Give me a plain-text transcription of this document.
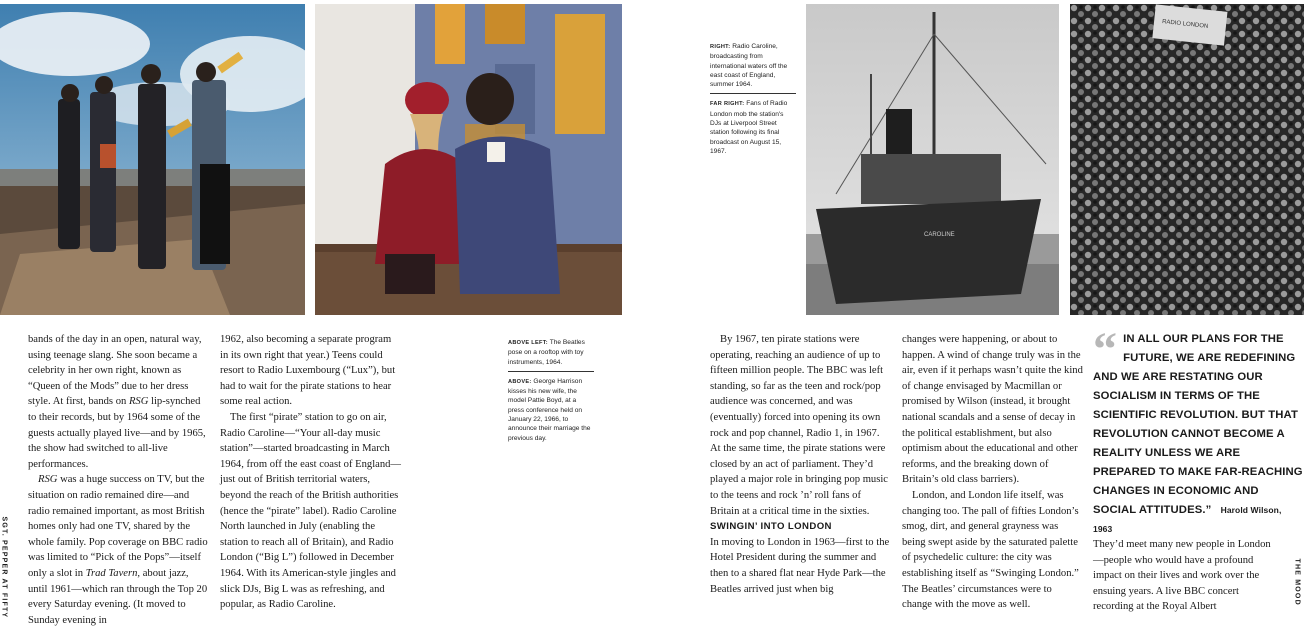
CAROLINE
RADIO LONDON
ABOVE LEFT: The Beatles pose on a rooftop with toy instruments, 1964.
ABOVE: George Harrison kisses his new wife, the model Pattie Boyd, at a press conference held on January 22, 1966, to announce their marriage the previous day.
RIGHT: Radio Caroline, broadcasting from international waters off the east coast of England, summer 1964.
FAR RIGHT: Fans of Radio London mob the station's DJs at Liverpool Street station following its final broadcast on August 15, 1967.

bands of the day in an open, natural way, using teenage slang. She soon became a celebrity in her own right, known as “Queen of the Mods” due to her dress style. At first, bands on RSG lip-synched to their records, but by 1964 some of the guests actually played live—and by 1965, the show had switched to all-live performances.

RSG was a huge success on TV, but the situation on radio remained dire—and radio remained important, as most British homes only had one TV, shared by the whole family. Pop coverage on BBC radio was limited to “Pick of the Pops”—itself only a slot in Trad Tavern, about jazz, until 1961—which ran through the Top 20 every Saturday evening. (It moved to Sunday evening in

1962, also becoming a separate program in its own right that year.) Teens could resort to Radio Luxembourg (“Lux”), but had to wait for the pirate stations to hear some real action.

The first “pirate” station to go on air, Radio Caroline—“Your all-day music station”—started broadcasting in March 1964, from off the east coast of England—just out of British territorial waters, beyond the reach of the British authorities (hence the “pirate” label). Radio Caroline North launched in July (enabling the station to reach all of Britain), and Radio London (“Big L”) followed in December 1964. With its American-style jingles and slick DJs, Big L was as refreshing, and popular, as Radio Caroline.

By 1967, ten pirate stations were operating, reaching an audience of up to fifteen million people. The BBC was left standing, so far as the teen and rock/pop audience was concerned, and was (eventually) forced into opening its own rock and pop channel, Radio 1, in 1967. At the same time, the pirate stations were closed by an act of parliament. They’d played a major role in bringing pop music to the teens and rock ’n’ roll fans of Britain at a critical time in the sixties.

SWINGIN’ INTO LONDON

In moving to London in 1963—first to the Hotel President during the summer and then to a shared flat near Hyde Park—the Beatles arrived just when big

changes were happening, or about to happen. A wind of change truly was in the air, even if it perhaps wasn’t quite the kind of change envisaged by Macmillan or promised by Wilson (instead, it brought national scandals and a sense of decay in the political establishment, but also optimism about the educational and other reforms, and the breaking down of Britain’s old class barriers).

London, and London life itself, was changing too. The pall of fifties London’s smog, dirt, and general grayness was being swept aside by the saturated palette of psychedelic culture: the city was establishing itself as “Swinging London.” The Beatles’ circumstances were to change with the move as well.

“ IN ALL OUR PLANS FOR THE FUTURE, WE ARE REDEFINING AND WE ARE RESTATING OUR SOCIALISM IN TERMS OF THE SCIENTIFIC REVOLUTION. BUT THAT REVOLUTION CANNOT BECOME A REALITY UNLESS WE ARE PREPARED TO MAKE FAR-REACHING CHANGES IN ECONOMIC AND SOCIAL ATTITUDES.” Harold Wilson, 1963

They’d meet many new people in London—people who would have a profound impact on their lives and work over the ensuing years. A live BBC concert recording at the Royal Albert

SGT. PEPPER AT FIFTY	THE MOOD
